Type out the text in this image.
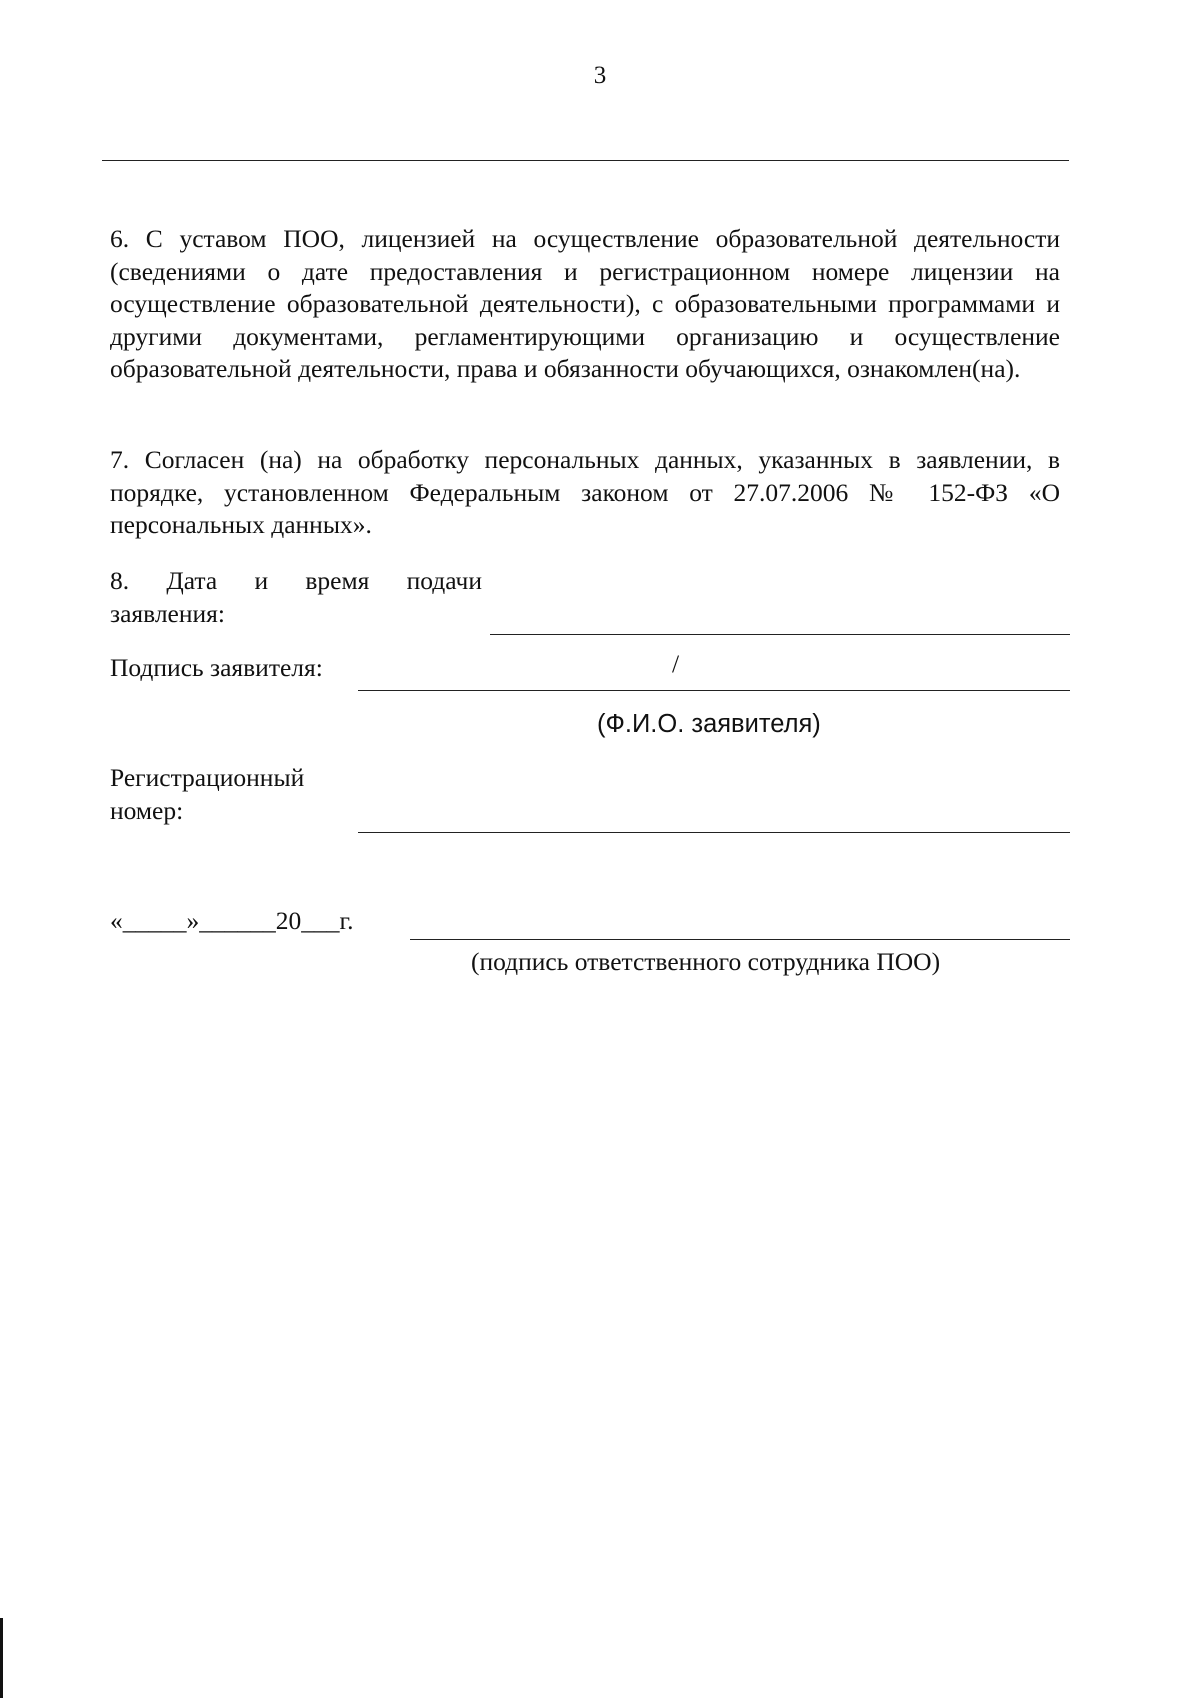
3
6. С уставом ПОО, лицензией на осуществление образовательной деятельности (сведениями о дате предоставления и регистрационном номере лицензии на осуществление образовательной деятельности), с образовательными программами и другими документами, регламентирующими организацию и осуществление образовательной деятельности, права и обязанности обучающихся, ознакомлен(на).
7. Согласен (на) на обработку персональных данных, указанных в заявлении, в порядке, установленном Федеральным законом от 27.07.2006 № 152-ФЗ «О персональных данных».
8. Дата и время подачи
заявления:
Подпись заявителя:	/
(Ф.И.О. заявителя)
Регистрационный
номер:
«_____»______20___г.
(подпись ответственного сотрудника ПОО)
